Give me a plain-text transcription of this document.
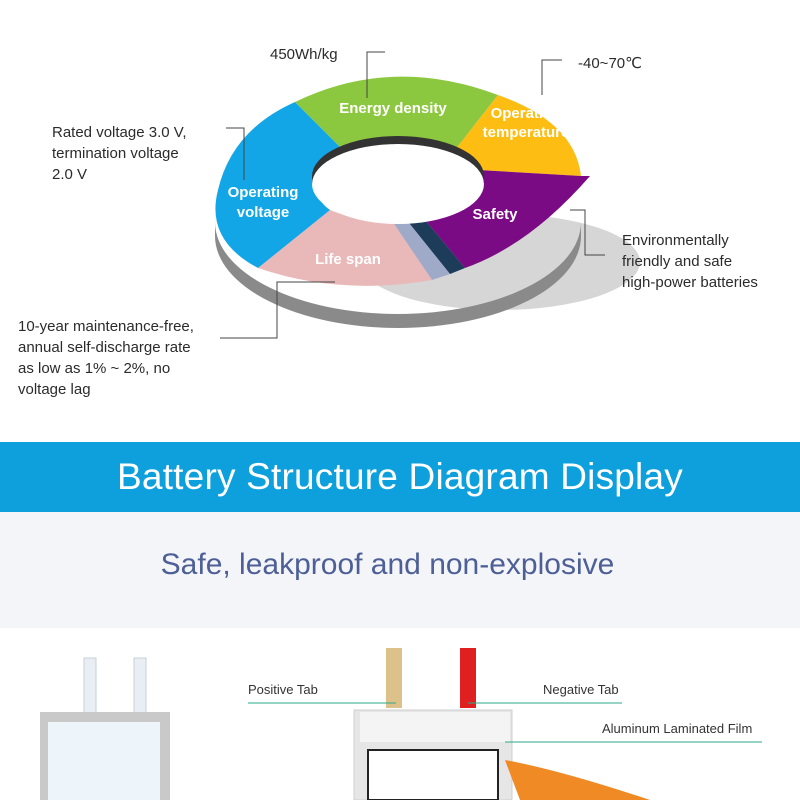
Energy density	Operating
temperature
Safety
Life span
Operating
voltage
450Wh/kg
-40~70℃
Rated voltage 3.0 V,
termination voltage
2.0 V
Environmentally
friendly and safe
high-power batteries
10-year maintenance-free,
annual self-discharge rate
as low as 1% ~ 2%, no
voltage lag
Battery Structure Diagram Display
Safe, leakproof and non-explosive
Positive Tab	Negative Tab
Aluminum Laminated Film
